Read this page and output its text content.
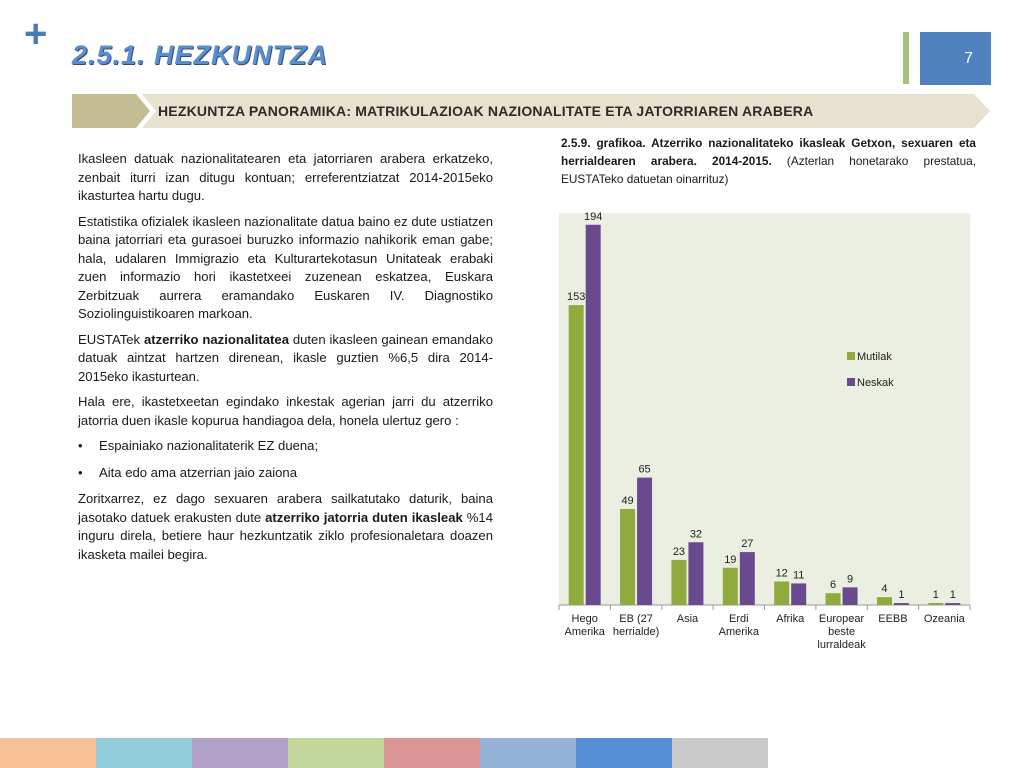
+ 2.5.1. HEZKUNTZA	7
HEZKUNTZA PANORAMIKA: MATRIKULAZIOAK NAZIONALITATE ETA JATORRIAREN ARABERA

Ikasleen datuak nazionalitatearen eta jatorriaren arabera erkatzeko, zenbait iturri izan ditugu kontuan; erreferentziatzat 2014-2015eko ikasturtea hartu dugu.

Estatistika ofizialek ikasleen nazionalitate datua baino ez dute ustiatzen baina jatorriari eta gurasoei buruzko informazio nahikorik eman gabe; hala, udalaren Immigrazio eta Kulturartekotasun Unitateak erabaki zuen informazio hori ikastetxeei zuzenean eskatzea, Euskara Zerbitzuak aurrera eramandako Euskaren IV. Diagnostiko Soziolinguistikoaren markoan.

EUSTATek atzerriko nazionalitatea duten ikasleen gainean emandako datuak aintzat hartzen direnean, ikasle guztien %6,5 dira 2014-2015eko ikasturtean.

Hala ere, ikastetxeetan egindako inkestak agerian jarri du atzerriko jatorria duen ikasle kopurua handiagoa dela, honela ulertuz gero :

• Espainiako nazionalitaterik EZ duena;
• Aita edo ama atzerrian jaio zaiona

Zoritxarrez, ez dago sexuaren arabera sailkatutako daturik, baina jasotako datuek erakusten dute atzerriko jatorria duten ikasleak %14 inguru direla, betiere haur hezkuntzatik ziklo profesionaletara doazen ikasketa mailei begira.

2.5.9. grafikoa. Atzerriko nazionalitateko ikasleak Getxon, sexuaren eta herrialdearen arabera. 2014-2015. (Azterlan honetarako prestatua, EUSTATeko datuetan oinarrituz)
153
194
Hego Amerika
49
65
EB (27 herrialde)
23
32
Asia
19
27
Erdi Amerika
12 11
Afrika
6 9
Europear beste lurraldeak
4 1
EEBB
1 1
Ozeania
Mutilak
Neskak
